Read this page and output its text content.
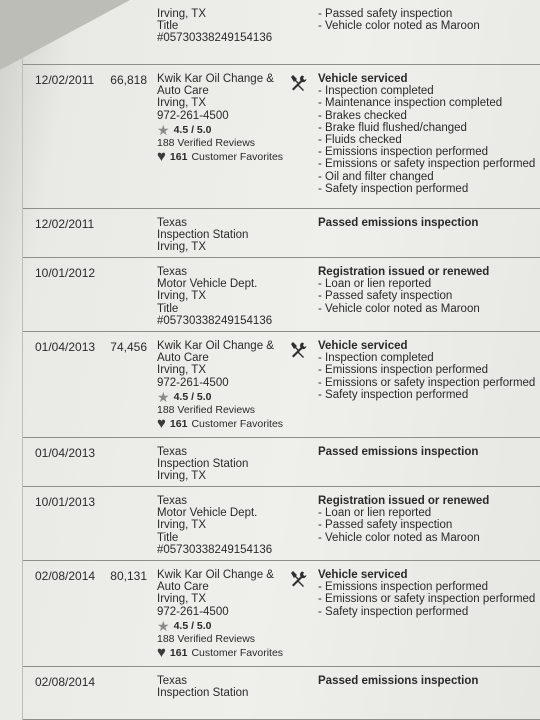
Irving, TX
Title
#05730338249154136
- Passed safety inspection
- Vehicle color noted as Maroon
12/02/2011	66,818 Kwik Kar Oil Change &
Auto Care
Irving, TX
972-261-4500
★ 4.5 / 5.0
188 Verified Reviews
♥ 161 Customer Favorites
Vehicle serviced
- Inspection completed
- Maintenance inspection completed
- Brakes checked
- Brake fluid flushed/changed
- Fluids checked
- Emissions inspection performed
- Emissions or safety inspection performed
- Oil and filter changed
- Safety inspection performed
12/02/2011	Texas
Inspection Station
Irving, TX
Passed emissions inspection
10/01/2012	Texas
Motor Vehicle Dept.
Irving, TX
Title
#05730338249154136
Registration issued or renewed
- Loan or lien reported
- Passed safety inspection
- Vehicle color noted as Maroon
01/04/2013	74,456 Kwik Kar Oil Change &
Auto Care
Irving, TX
972-261-4500
★ 4.5 / 5.0
188 Verified Reviews
♥ 161 Customer Favorites
Vehicle serviced
- Inspection completed
- Emissions inspection performed
- Emissions or safety inspection performed
- Safety inspection performed
01/04/2013	Texas
Inspection Station
Irving, TX
Passed emissions inspection
10/01/2013	Texas
Motor Vehicle Dept.
Irving, TX
Title
#05730338249154136
Registration issued or renewed
- Loan or lien reported
- Passed safety inspection
- Vehicle color noted as Maroon
02/08/2014	80,131 Kwik Kar Oil Change &
Auto Care
Irving, TX
972-261-4500
★ 4.5 / 5.0
188 Verified Reviews
♥ 161 Customer Favorites
Vehicle serviced
- Emissions inspection performed
- Emissions or safety inspection performed
- Safety inspection performed
02/08/2014	Texas
Inspection Station
Passed emissions inspection
